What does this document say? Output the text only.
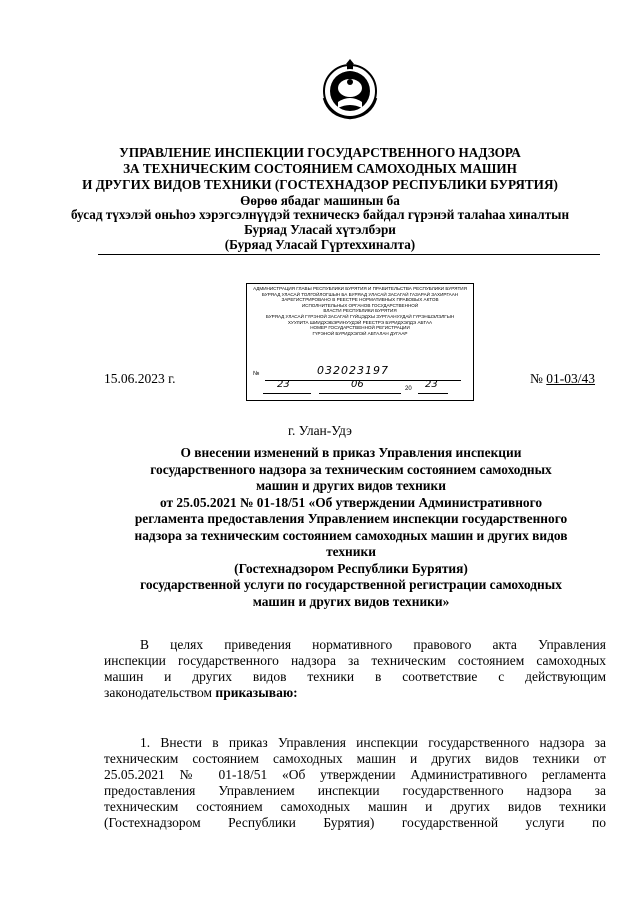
УПРАВЛЕНИЕ ИНСПЕКЦИИ ГОСУДАРСТВЕННОГО НАДЗОРА
ЗА ТЕХНИЧЕСКИМ СОСТОЯНИЕМ САМОХОДНЫХ МАШИН
И ДРУГИХ ВИДОВ ТЕХНИКИ (ГОСТЕХНАДЗОР РЕСПУБЛИКИ БУРЯТИЯ)
Өөрөө ябадаг машинын ба
бусад түхэлэй оньһоэ хэрэгсэлнүүдэй техническэ байдал гүрэнэй талаһаа хиналтын
Буряад Уласай хүтэлбэри
(Буряад Уласай Гүртеххиналта)
15.06.2023 г.
АДМИНИСТРАЦИЯ ГЛАВЫ РЕСПУБЛИКИ БУРЯТИЯ И ПРАВИТЕЛЬСТВА РЕСПУБЛИКИ БУРЯТИЯ
БУРЯАД УЛАСАЙ ТОЛГОЙЛОГШЫН БА БУРЯАД УЛАСАЙ ЗАСАГАЙ ГАЗАРАЙ ЗАХИРГААН
ЗАРЕГИСТРИРОВАНО В РЕЕСТРЕ НОРМАТИВНЫХ ПРАВОВЫХ АКТОВ
ИСПОЛНИТЕЛЬНЫХ ОРГАНОВ ГОСУДАРСТВЕННОЙ
ВЛАСТИ РЕСПУБЛИКИ БУРЯТИЯ
БУРЯАД УЛАСАЙ ГҮРЭНОЙ ЗАСАГАЙ ГҮЙЦЭДХЫ ЗУРГААНУУДАЙ ГҮРЭНШЭЛЭЛГЫН
ХУУЛИТА ШИИДХЭБЭРИНУУДЭЙ РЕЕСТРЭ БУРИДХЭЛДЭ АБТАА
НОМЕР ГОСУДАРСТВЕННОЙ РЕГИСТРАЦИИ
ГҮРЭНОЙ БУРИДХЭЛЭЙ АБТАЛАН ДУГААР
№	032023197
23	06	20 23	№ 01-03/43
г. Улан-Удэ
О внесении изменений в приказ Управления инспекции
государственного надзора за техническим состоянием самоходных
машин и других видов техники
от 25.05.2021 № 01-18/51 «Об утверждении Административного
регламента предоставления Управлением инспекции государственного
надзора за техническим состоянием самоходных машин и других видов
техники
(Гостехнадзором Республики Бурятия)
государственной услуги по государственной регистрации самоходных
машин и других видов техники»
В целях приведения нормативного правового акта Управления
инспекции государственного надзора за техническим состоянием самоходных
машин и других видов техники в соответствие с действующим
законодательством приказываю:
1. Внести в приказ Управления инспекции государственного надзора за
техническим состоянием самоходных машин и других видов техники от
25.05.2021 № 01-18/51 «Об утверждении Административного регламента
предоставления Управлением инспекции государственного надзора за
техническим состоянием самоходных машин и других видов техники
(Гостехнадзором Республики Бурятия) государственной услуги по
